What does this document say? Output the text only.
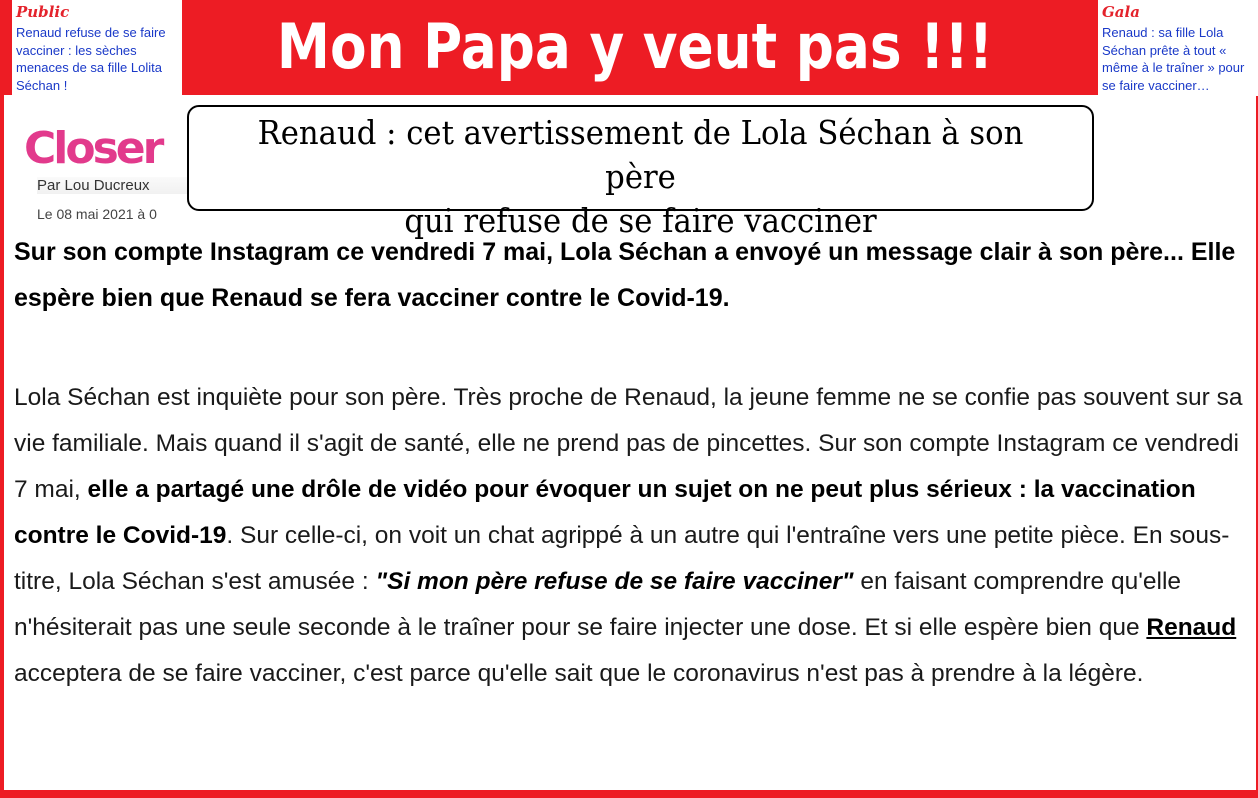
Mon Papa y veut pas !!!
Public
Renaud refuse de se faire vacciner : les sèches menaces de sa fille Lolita Séchan !
Gala
Renaud : sa fille Lola Séchan prête à tout « même à le traîner » pour se faire vacciner…
Closer
Par Lou Ducreux
Le 08 mai 2021 à 0
Renaud : cet avertissement de Lola Séchan à son père
qui refuse de se faire vacciner
Sur son compte Instagram ce vendredi 7 mai, Lola Séchan a envoyé un message clair à son père... Elle espère bien que Renaud se fera vacciner contre le Covid-19.
Lola Séchan est inquiète pour son père. Très proche de Renaud, la jeune femme ne se confie pas souvent sur sa vie familiale. Mais quand il s'agit de santé, elle ne prend pas de pincettes. Sur son compte Instagram ce vendredi 7 mai, elle a partagé une drôle de vidéo pour évoquer un sujet on ne peut plus sérieux : la vaccination contre le Covid-19. Sur celle-ci, on voit un chat agrippé à un autre qui l'entraîne vers une petite pièce. En sous-titre, Lola Séchan s'est amusée : "Si mon père refuse de se faire vacciner" en faisant comprendre qu'elle n'hésiterait pas une seule seconde à le traîner pour se faire injecter une dose. Et si elle espère bien que Renaud acceptera de se faire vacciner, c'est parce qu'elle sait que le coronavirus n'est pas à prendre à la légère.
